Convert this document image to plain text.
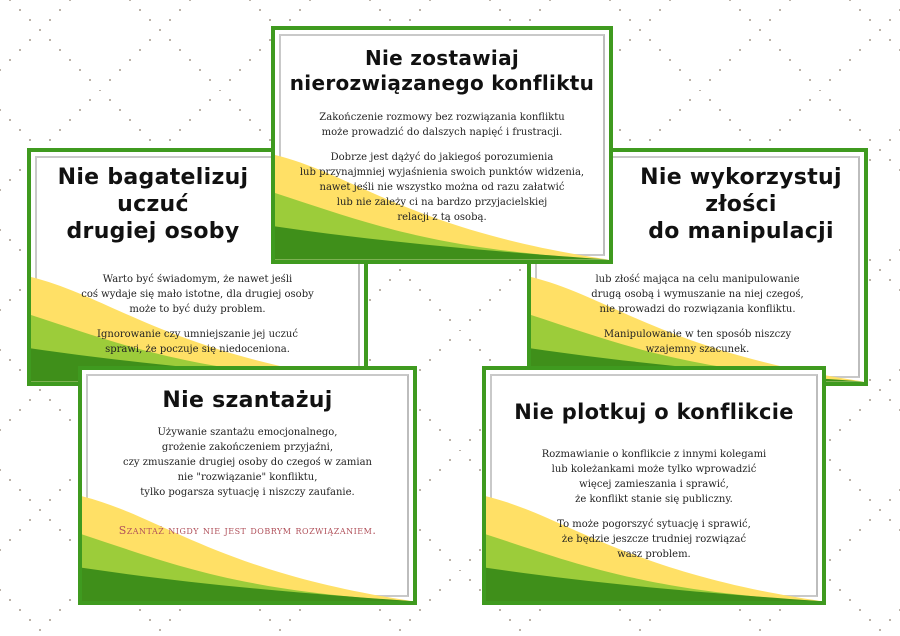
Nie bagatelizuj uczuć
drugiej osoby
Warto być świadomym, że nawet jeśli
coś wydaje się mało istotne, dla drugiej osoby
może to być duży problem.
Ignorowanie czy umniejszanie jej uczuć
sprawi, że poczuje się niedoceniona.
Nie wykorzystuj złości
do manipulacji
lub złość mająca na celu manipulowanie
drugą osobą i wymuszanie na niej czegoś,
nie prowadzi do rozwiązania konfliktu.
Manipulowanie w ten sposób niszczy
wzajemny szacunek.
Nie zostawiaj
nierozwiązanego konfliktu
Zakończenie rozmowy bez rozwiązania konfliktu
może prowadzić do dalszych napięć i frustracji.
Dobrze jest dążyć do jakiegoś porozumienia
lub przynajmniej wyjaśnienia swoich punktów widzenia,
nawet jeśli nie wszystko można od razu załatwić
lub nie zależy ci na bardzo przyjacielskiej
relacji z tą osobą.
Nie szantażuj
Używanie szantażu emocjonalnego,
grożenie zakończeniem przyjaźni,
czy zmuszanie drugiej osoby do czegoś w zamian
nie "rozwiązanie" konfliktu,
tylko pogarsza sytuację i niszczy zaufanie.
Szantaż nigdy nie jest dobrym rozwiązaniem.
Nie plotkuj o konflikcie
Rozmawianie o konflikcie z innymi kolegami
lub koleżankami może tylko wprowadzić
więcej zamieszania i sprawić,
że konflikt stanie się publiczny.
To może pogorszyć sytuację i sprawić,
że będzie jeszcze trudniej rozwiązać
wasz problem.
